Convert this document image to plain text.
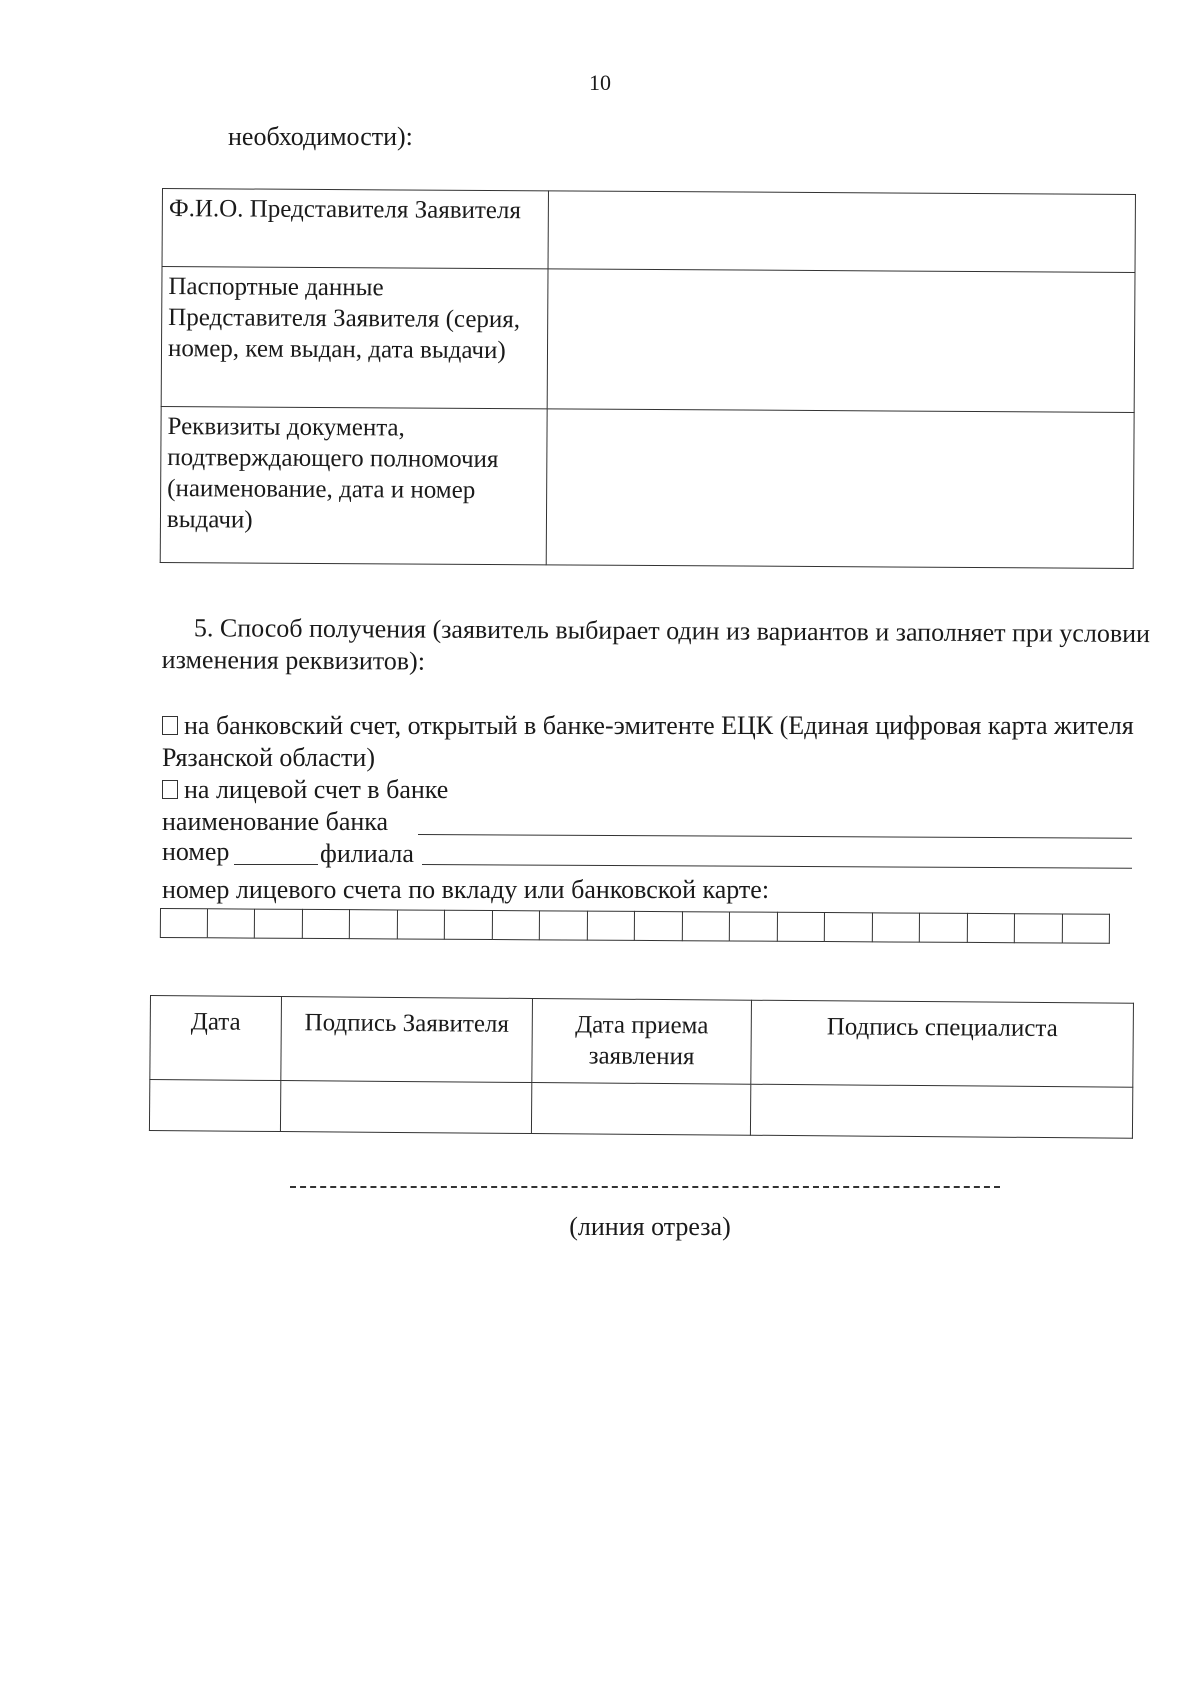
10
необходимости):
Ф.И.О. Представителя Заявителя	
Паспортные данные Представителя Заявителя (серия, номер, кем выдан, дата выдачи)	
Реквизиты документа, подтверждающего полномочия (наименование, дата и номер выдачи)	

5. Способ получения (заявитель выбирает один из вариантов и заполняет при условии изменения реквизитов):

на банковский счет, открытый в банке-эмитенте ЕЦК (Единая цифровая карта жителя Рязанской области)
на лицевой счет в банке
наименование банка
номер	филиала
номер лицевого счета по вкладу или банковской карте:
Дата	Подпись Заявителя	Дата приема заявления	Подпись специалиста

(линия отреза)
